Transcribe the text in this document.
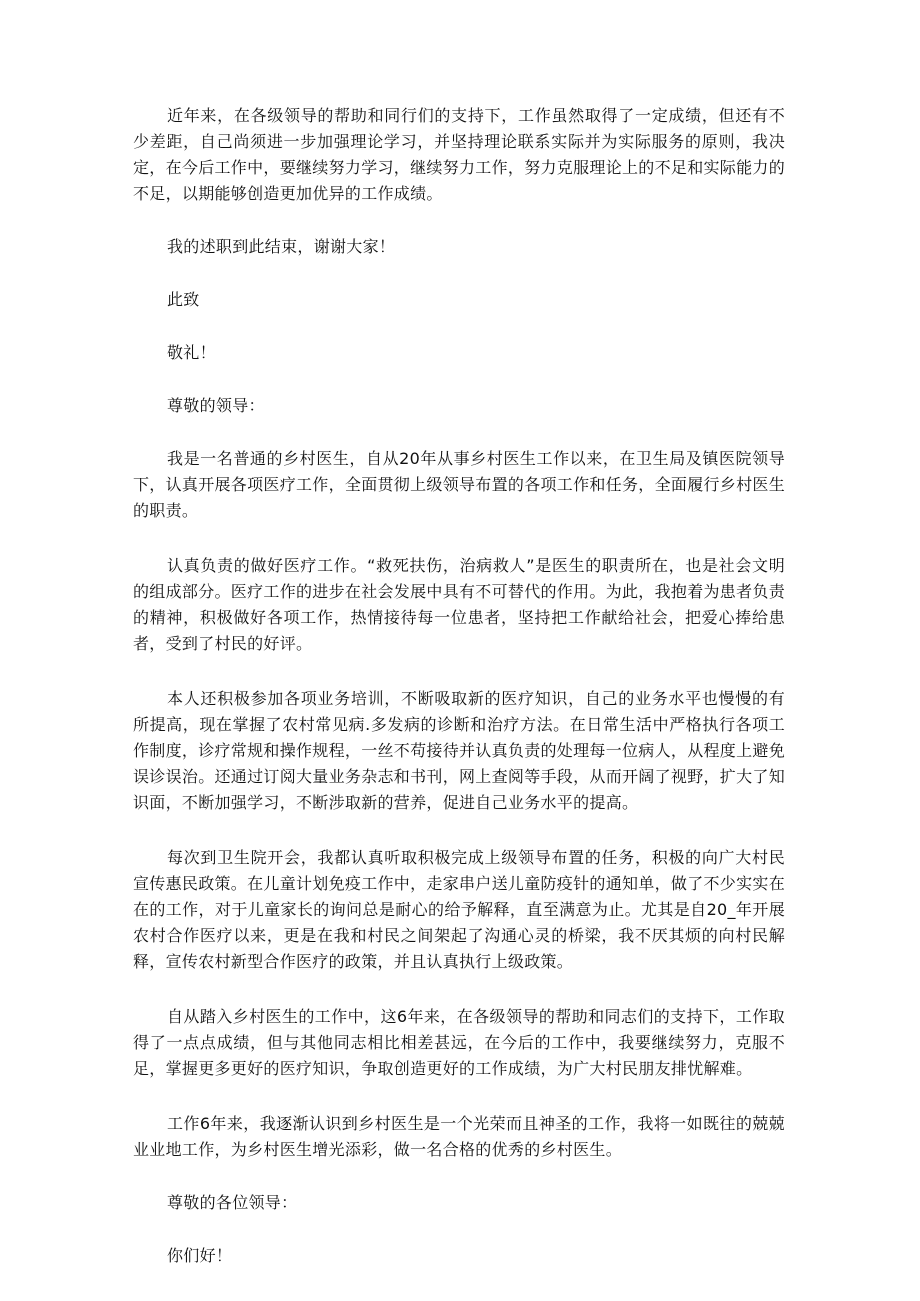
近年来，在各级领导的帮助和同行们的支持下，工作虽然取得了一定成绩，但还有不少差距，自己尚须进一步加强理论学习，并坚持理论联系实际并为实际服务的原则，我决定，在今后工作中，要继续努力学习，继续努力工作，努力克服理论上的不足和实际能力的不足，以期能够创造更加优异的工作成绩。

我的述职到此结束，谢谢大家！

此致

敬礼！

尊敬的领导：

我是一名普通的乡村医生，自从20年从事乡村医生工作以来，在卫生局及镇医院领导下，认真开展各项医疗工作，全面贯彻上级领导布置的各项工作和任务，全面履行乡村医生的职责。

认真负责的做好医疗工作。“救死扶伤，治病救人”是医生的职责所在，也是社会文明的组成部分。医疗工作的进步在社会发展中具有不可替代的作用。为此，我抱着为患者负责的精神，积极做好各项工作，热情接待每一位患者，坚持把工作献给社会，把爱心捧给患者，受到了村民的好评。

本人还积极参加各项业务培训，不断吸取新的医疗知识，自己的业务水平也慢慢的有所提高，现在掌握了农村常见病.多发病的诊断和治疗方法。在日常生活中严格执行各项工作制度，诊疗常规和操作规程，一丝不苟接待并认真负责的处理每一位病人，从程度上避免误诊误治。还通过订阅大量业务杂志和书刊，网上查阅等手段，从而开阔了视野，扩大了知识面，不断加强学习，不断涉取新的营养，促进自己业务水平的提高。

每次到卫生院开会，我都认真听取积极完成上级领导布置的任务，积极的向广大村民宣传惠民政策。在儿童计划免疫工作中，走家串户送儿童防疫针的通知单，做了不少实实在在的工作，对于儿童家长的询问总是耐心的给予解释，直至满意为止。尤其是自20_年开展农村合作医疗以来，更是在我和村民之间架起了沟通心灵的桥梁，我不厌其烦的向村民解释，宣传农村新型合作医疗的政策，并且认真执行上级政策。

自从踏入乡村医生的工作中，这6年来，在各级领导的帮助和同志们的支持下，工作取得了一点点成绩，但与其他同志相比相差甚远，在今后的工作中，我要继续努力，克服不足，掌握更多更好的医疗知识，争取创造更好的工作成绩，为广大村民朋友排忧解难。

工作6年来，我逐渐认识到乡村医生是一个光荣而且神圣的工作，我将一如既往的兢兢业业地工作，为乡村医生增光添彩，做一名合格的优秀的乡村医生。

尊敬的各位领导：

你们好！
